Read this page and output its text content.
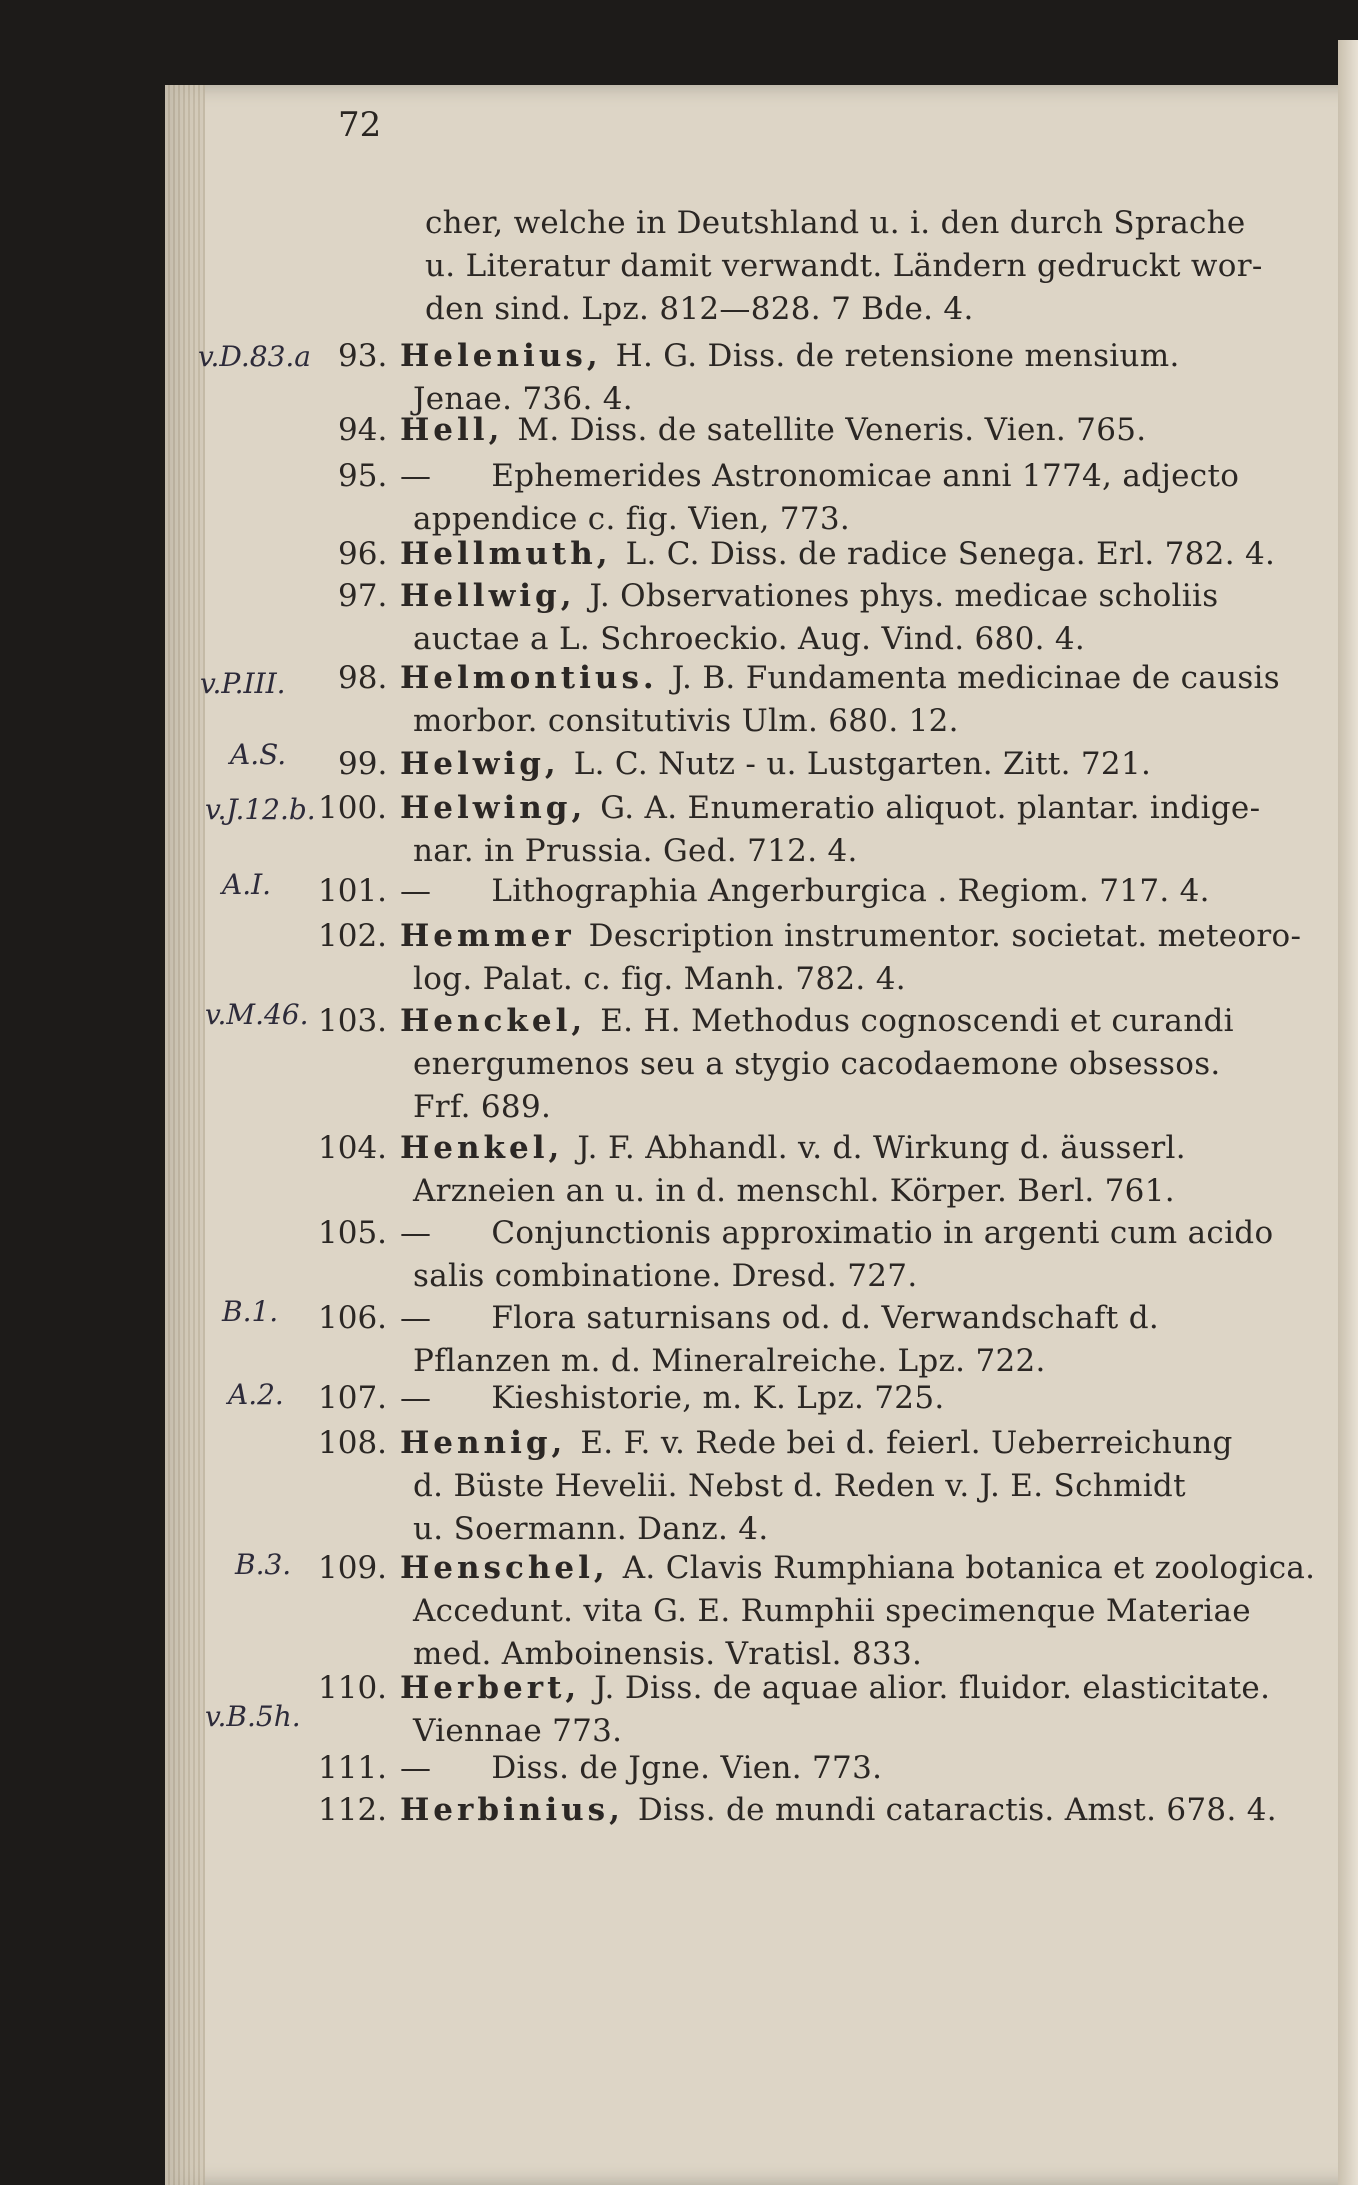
72
cher, welche in Deutshland u. i. den durch Sprache
u. Literatur damit verwandt. Ländern gedruckt wor-
den sind. Lpz. 812—828. 7 Bde. 4.
93. Helenius, H. G. Diss. de retensione mensium.
Jenae. 736. 4.
v.D.83.a
94. Hell, M. Diss. de satellite Veneris. Vien. 765.
95. — Ephemerides Astronomicae anni 1774, adjecto
appendice c. fig. Vien, 773.
96. Hellmuth, L. C. Diss. de radice Senega. Erl. 782. 4.
97. Hellwig, J. Observationes phys. medicae scholiis
auctae a L. Schroeckio. Aug. Vind. 680. 4.
98. Helmontius. J. B. Fundamenta medicinae de causis
morbor. consitutivis Ulm. 680. 12.
v.P.III.
99. Helwig, L. C. Nutz - u. Lustgarten. Zitt. 721.
A.S.
100. Helwing, G. A. Enumeratio aliquot. plantar. indige-
nar. in Prussia. Ged. 712. 4.
v.J.12.b.
101. — Lithographia Angerburgica . Regiom. 717. 4.
A.I.
102. Hemmer Description instrumentor. societat. meteoro-
log. Palat. c. fig. Manh. 782. 4.
103. Henckel, E. H. Methodus cognoscendi et curandi
energumenos seu a stygio cacodaemone obsessos.
Frf. 689.
v.M.46.
104. Henkel, J. F. Abhandl. v. d. Wirkung d. äusserl.
Arzneien an u. in d. menschl. Körper. Berl. 761.
105. — Conjunctionis approximatio in argenti cum acido
salis combinatione. Dresd. 727.
106. — Flora saturnisans od. d. Verwandschaft d.
Pflanzen m. d. Mineralreiche. Lpz. 722.
B.1.
107. — Kieshistorie, m. K. Lpz. 725.
A.2.
108. Hennig, E. F. v. Rede bei d. feierl. Ueberreichung
d. Büste Hevelii. Nebst d. Reden v. J. E. Schmidt
u. Soermann. Danz. 4.
109. Henschel, A. Clavis Rumphiana botanica et zoologica.
Accedunt. vita G. E. Rumphii specimenque Materiae
med. Amboinensis. Vratisl. 833.
B.3.
110. Herbert, J. Diss. de aquae alior. fluidor. elasticitate.
Viennae 773.
v.B.5h.
111. — Diss. de Jgne. Vien. 773.
112. Herbinius, Diss. de mundi cataractis. Amst. 678. 4.
